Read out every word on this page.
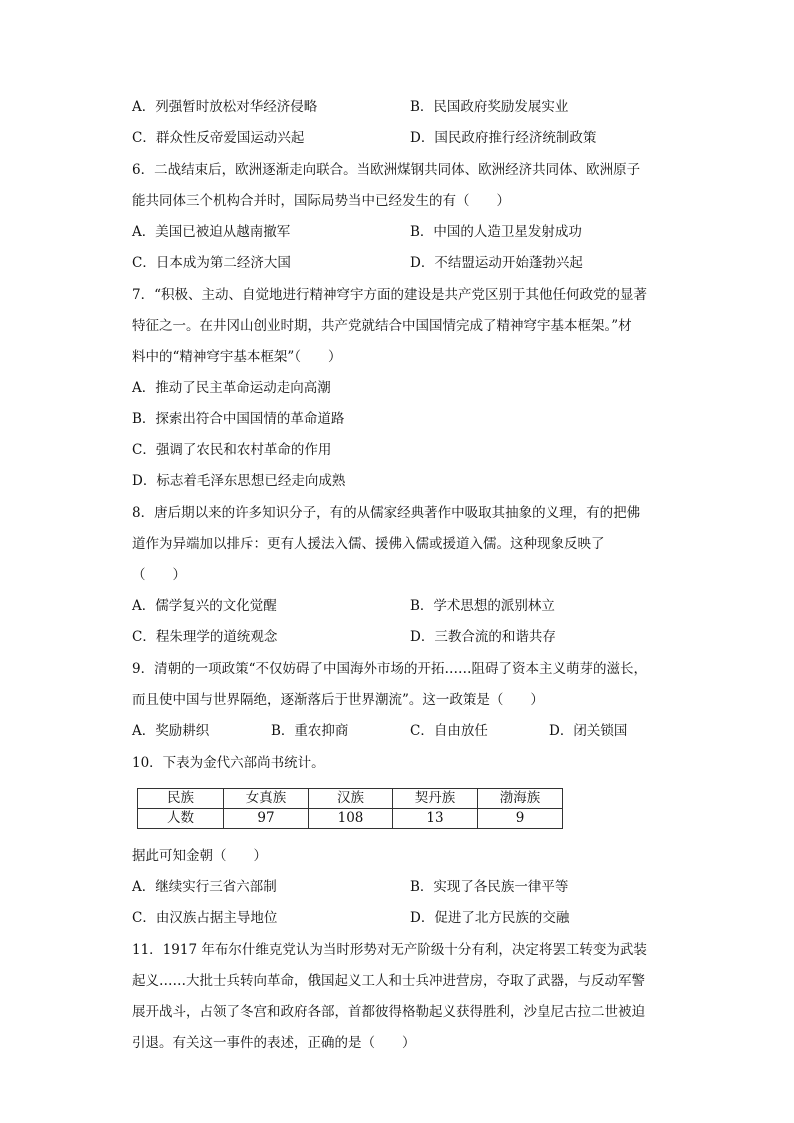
A．列强暂时放松对华经济侵略	B．民国政府奖励发展实业
C．群众性反帝爱国运动兴起	D．国民政府推行经济统制政策
6．二战结束后，欧洲逐渐走向联合。当欧洲煤钢共同体、欧洲经济共同体、欧洲原子
能共同体三个机构合并时，国际局势当中已经发生的有（　　）
A．美国已被迫从越南撤军	B．中国的人造卫星发射成功
C．日本成为第二经济大国	D．不结盟运动开始蓬勃兴起
7．“积极、主动、自觉地进行精神穹宇方面的建设是共产党区别于其他任何政党的显著
特征之一。在井冈山创业时期，共产党就结合中国国情完成了精神穹宇基本框架。”材
料中的“精神穹宇基本框架”（　　）
A．推动了民主革命运动走向高潮
B．探索出符合中国国情的革命道路
C．强调了农民和农村革命的作用
D．标志着毛泽东思想已经走向成熟
8．唐后期以来的许多知识分子，有的从儒家经典著作中吸取其抽象的义理，有的把佛
道作为异端加以排斥：更有人援法入儒、援佛入儒或援道入儒。这种现象反映了
（　　）
A．儒学复兴的文化觉醒	B．学术思想的派别林立
C．程朱理学的道统观念	D．三教合流的和谐共存
9．清朝的一项政策“不仅妨碍了中国海外市场的开拓……阻碍了资本主义萌芽的滋长，
而且使中国与世界隔绝，逐渐落后于世界潮流”。这一政策是（　　）
A．奖励耕织	B．重农抑商	C．自由放任	D．闭关锁国
10．下表为金代六部尚书统计。
民族	女真族	汉族	契丹族	渤海族
人数	97	108	13	9
据此可知金朝（　　）
A．继续实行三省六部制	B．实现了各民族一律平等
C．由汉族占据主导地位	D．促进了北方民族的交融
11．1917 年布尔什维克党认为当时形势对无产阶级十分有利，决定将罢工转变为武装
起义……大批士兵转向革命，俄国起义工人和士兵冲进营房，夺取了武器，与反动军警
展开战斗，占领了冬宫和政府各部，首都彼得格勒起义获得胜利，沙皇尼古拉二世被迫
引退。有关这一事件的表述，正确的是（　　）
